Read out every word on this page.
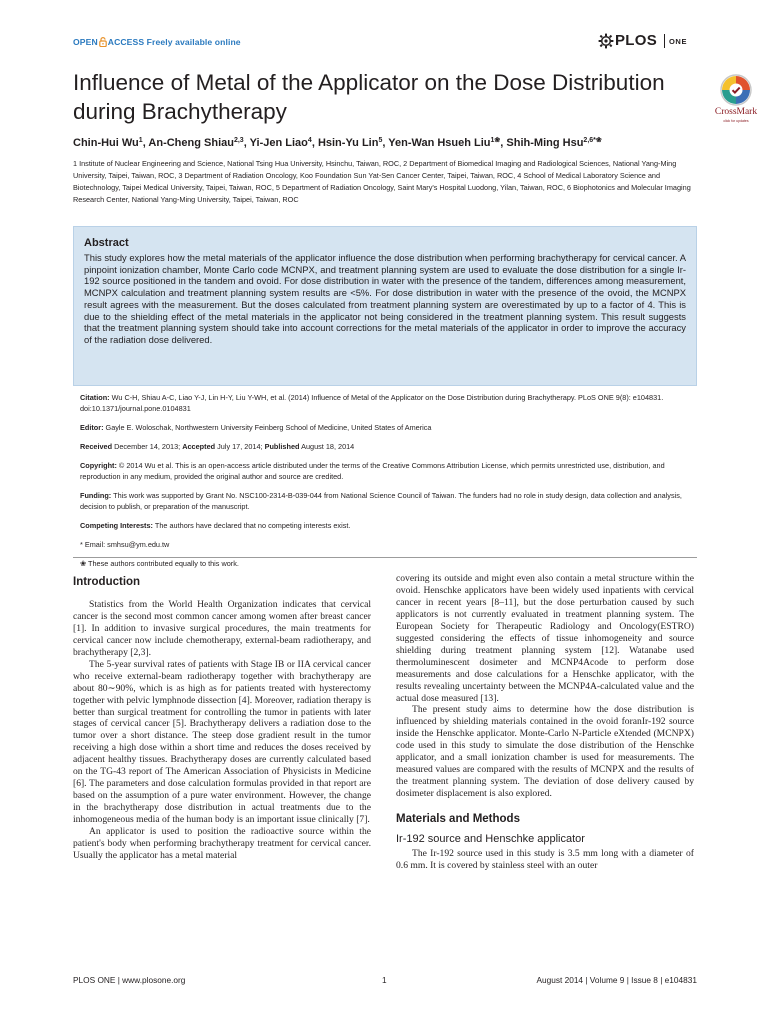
OPEN ACCESS Freely available online	PLOS ONE
Influence of Metal of the Applicator on the Dose Distribution during Brachytherapy	CrossMark
click for updates
Chin-Hui Wu$^1$, An-Cheng Shiau$^{2,3}$, Yi-Jen Liao$^4$, Hsin-Yu Lin$^5$, Yen-Wan Hsueh Liu$^{1❀}$, Shih-Ming Hsu$^{2,6*❀}$
1 Institute of Nuclear Engineering and Science, National Tsing Hua University, Hsinchu, Taiwan, ROC, 2 Department of Biomedical Imaging and Radiological Sciences, National Yang-Ming University, Taipei, Taiwan, ROC, 3 Department of Radiation Oncology, Koo Foundation Sun Yat-Sen Cancer Center, Taipei, Taiwan, ROC, 4 School of Medical Laboratory Science and Biotechnology, Taipei Medical University, Taipei, Taiwan, ROC, 5 Department of Radiation Oncology, Saint Mary's Hospital Luodong, Yilan, Taiwan, ROC, 6 Biophotonics and Molecular Imaging Research Center, National Yang-Ming University, Taipei, Taiwan, ROC
Abstract
This study explores how the metal materials of the applicator influence the dose distribution when performing brachytherapy for cervical cancer. A pinpoint ionization chamber, Monte Carlo code MCNPX, and treatment planning system are used to evaluate the dose distribution for a single Ir-192 source positioned in the tandem and ovoid. For dose distribution in water with the presence of the tandem, differences among measurement, MCNPX calculation and treatment planning system results are <5%. For dose distribution in water with the presence of the ovoid, the MCNPX result agrees with the measurement. But the doses calculated from treatment planning system are overestimated by up to a factor of 4. This is due to the shielding effect of the metal materials in the applicator not being considered in the treatment planning system. This result suggests that the treatment planning system should take into account corrections for the metal materials of the applicator in order to improve the accuracy of the radiation dose delivered.
Citation: Wu C-H, Shiau A-C, Liao Y-J, Lin H-Y, Liu Y-WH, et al. (2014) Influence of Metal of the Applicator on the Dose Distribution during Brachytherapy. PLoS ONE 9(8): e104831. doi:10.1371/journal.pone.0104831
Editor: Gayle E. Woloschak, Northwestern University Feinberg School of Medicine, United States of America
Received December 14, 2013; Accepted July 17, 2014; Published August 18, 2014
Copyright: © 2014 Wu et al. This is an open-access article distributed under the terms of the Creative Commons Attribution License, which permits unrestricted use, distribution, and reproduction in any medium, provided the original author and source are credited.
Funding: This work was supported by Grant No. NSC100-2314-B-039-044 from National Science Council of Taiwan. The funders had no role in study design, data collection and analysis, decision to publish, or preparation of the manuscript.
Competing Interests: The authors have declared that no competing interests exist.
* Email: smhsu@ym.edu.tw
❀ These authors contributed equally to this work.
Introduction

Statistics from the World Health Organization indicates that cervical cancer is the second most common cancer among women after breast cancer [1]. In addition to invasive surgical procedures, the main treatments for cervical cancer now include chemotherapy, external-beam radiotherapy, and brachytherapy [2,3].

The 5-year survival rates of patients with Stage IB or IIA cervical cancer who receive external-beam radiotherapy together with brachytherapy are about 80∼90%, which is as high as for patients treated with hysterectomy together with pelvic lymphnode dissection [4]. Moreover, radiation therapy is better than surgical treatment for controlling the tumor in patients with later stages of cervical cancer [5]. Brachytherapy delivers a radiation dose to the tumor over a short distance. The steep dose gradient result in the tumor receiving a high dose within a short time and reduces the doses received by adjacent healthy tissues. Brachytherapy doses are currently calculated based on the TG-43 report of The American Association of Physicists in Medicine [6]. The parameters and dose calculation formulas provided in that report are based on the assumption of a pure water environment. However, the change in the brachytherapy dose distribution in actual treatments due to the inhomogeneous media of the human body is an important issue clinically [7].

An applicator is used to position the radioactive source within the patient's body when performing brachytherapy treatment for cervical cancer. Usually the applicator has a metal material

covering its outside and might even also contain a metal structure within the ovoid. Henschke applicators have been widely used inpatients with cervical cancer in recent years [8–11], but the dose perturbation caused by such applicators is not currently evaluated in treatment planning system. The European Society for Therapeutic Radiology and Oncology(ESTRO) suggested considering the effects of tissue inhomogeneity and source shielding during treatment planning system [12]. Watanabe used thermoluminescent dosimeter and MCNP4Acode to perform dose measurements and dose calculations for a Henschke applicator, with the results revealing uncertainty between the MCNP4A-calculated value and the actual dose measured [13].

The present study aims to determine how the dose distribution is influenced by shielding materials contained in the ovoid foranIr-192 source inside the Henschke applicator. Monte-Carlo N-Particle eXtended (MCNPX) code used in this study to simulate the dose distribution of the Henschke applicator, and a small ionization chamber is used for measurements. The measured values are compared with the results of MCNPX and the results of the treatment planning system. The deviation of dose delivery caused by dosimeter displacement is also explored.

Materials and Methods
Ir-192 source and Henschke applicator

The Ir-192 source used in this study is 3.5 mm long with a diameter of 0.6 mm. It is covered by stainless steel with an outer

PLOS ONE | www.plosone.org	1	August 2014 | Volume 9 | Issue 8 | e104831
